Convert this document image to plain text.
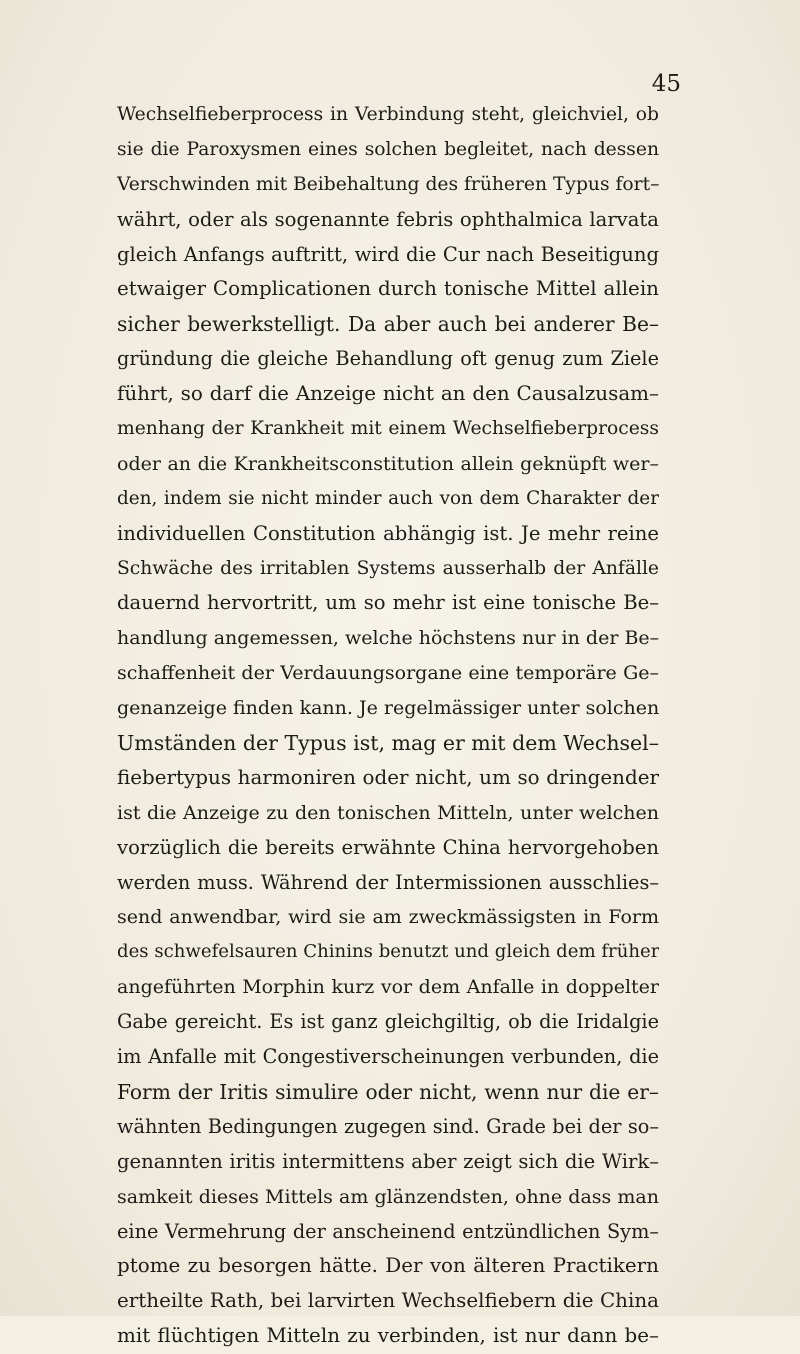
45
Wechselfieberprocess in Verbindung steht, gleichviel, ob
sie die Paroxysmen eines solchen begleitet, nach dessen
Verschwinden mit Beibehaltung des früheren Typus fort–
währt, oder als sogenannte febris ophthalmica larvata
gleich Anfangs auftritt, wird die Cur nach Beseitigung
etwaiger Complicationen durch tonische Mittel allein
sicher bewerkstelligt. Da aber auch bei anderer Be–
gründung die gleiche Behandlung oft genug zum Ziele
führt, so darf die Anzeige nicht an den Causalzusam–
menhang der Krankheit mit einem Wechselfieberprocess
oder an die Krankheitsconstitution allein geknüpft wer–
den, indem sie nicht minder auch von dem Charakter der
individuellen Constitution abhängig ist. Je mehr reine
Schwäche des irritablen Systems ausserhalb der Anfälle
dauernd hervortritt, um so mehr ist eine tonische Be–
handlung angemessen, welche höchstens nur in der Be–
schaffenheit der Verdauungsorgane eine temporäre Ge–
genanzeige finden kann. Je regelmässiger unter solchen
Umständen der Typus ist, mag er mit dem Wechsel–
fiebertypus harmoniren oder nicht, um so dringender
ist die Anzeige zu den tonischen Mitteln, unter welchen
vorzüglich die bereits erwähnte China hervorgehoben
werden muss. Während der Intermissionen ausschlies–
send anwendbar, wird sie am zweckmässigsten in Form
des schwefelsauren Chinins benutzt und gleich dem früher
angeführten Morphin kurz vor dem Anfalle in doppelter
Gabe gereicht. Es ist ganz gleichgiltig, ob die Iridalgie
im Anfalle mit Congestiverscheinungen verbunden, die
Form der Iritis simulire oder nicht, wenn nur die er–
wähnten Bedingungen zugegen sind. Grade bei der so–
genannten iritis intermittens aber zeigt sich die Wirk–
samkeit dieses Mittels am glänzendsten, ohne dass man
eine Vermehrung der anscheinend entzündlichen Sym–
ptome zu besorgen hätte. Der von älteren Practikern
ertheilte Rath, bei larvirten Wechselfiebern die China
mit flüchtigen Mitteln zu verbinden, ist nur dann be–
